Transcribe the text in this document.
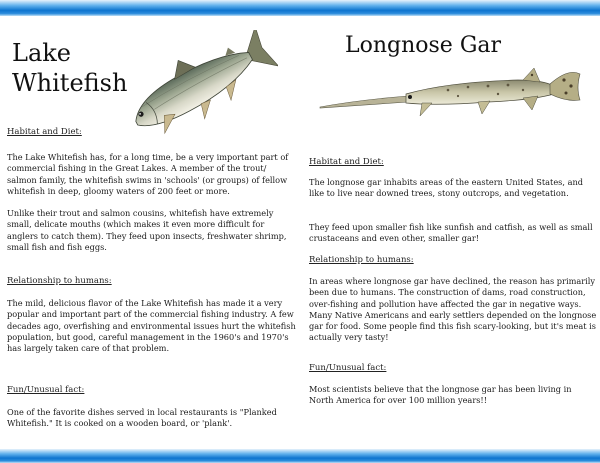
Lake
Whitefish
Habitat and Diet:
The Lake Whitefish has, for a long time, be a very important part of commercial fishing in the Great Lakes. A member of the trout/ salmon family, the whitefish swims in 'schools' (or groups) of fellow whitefish in deep, gloomy waters of 200 feet or more.
Unlike their trout and salmon cousins, whitefish have extremely small, delicate mouths (which makes it even more difficult for anglers to catch them). They feed upon insects, freshwater shrimp, small fish and fish eggs.
Relationship to humans:
The mild, delicious flavor of the Lake Whitefish has made it a very popular and important part of the commercial fishing industry. A few decades ago, overfishing and environmental issues hurt the whitefish population, but good, careful management in the 1960's and 1970's has largely taken care of that problem.
Fun/Unusual fact:
One of the favorite dishes served in local restaurants is "Planked Whitefish." It is cooked on a wooden board, or 'plank'.
Longnose Gar
Habitat and Diet:
The longnose gar inhabits areas of the eastern United States, and like to live near downed trees, stony outcrops, and vegetation.
They feed upon smaller fish like sunfish and catfish, as well as small crustaceans and even other, smaller gar!
Relationship to humans:
In areas where longnose gar have declined, the reason has primarily been due to humans. The construction of dams, road construction, over-fishing and pollution have affected the gar in negative ways. Many Native Americans and early settlers depended on the longnose gar for food. Some people find this fish scary-looking, but it's meat is actually very tasty!
Fun/Unusual fact:
Most scientists believe that the longnose gar has been living in North America for over 100 million years!!
